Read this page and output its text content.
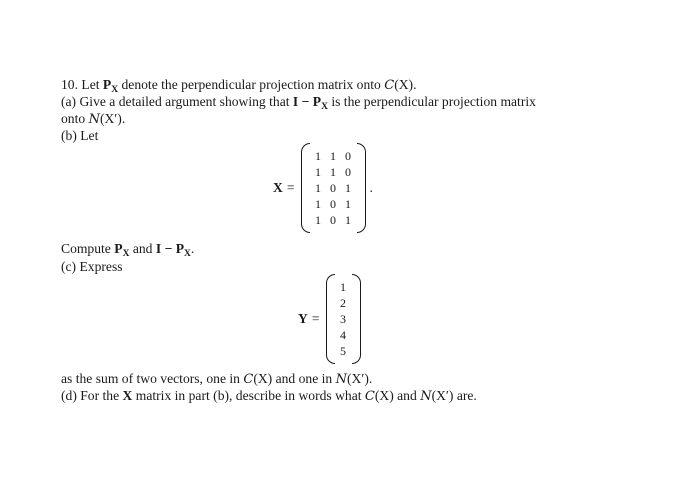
10. Let $P_X$ denote the perpendicular projection matrix onto C(X).
(a) Give a detailed argument showing that $I - P_X$ is the perpendicular projection matrix
onto N(X′).
(b) Let
X =
1 1 0
1 1 0
1 0 1
1 0 1
1 0 1
.
Compute $P_X$ and $I - P_X$.
(c) Express
Y =
1
2
3
4
5
as the sum of two vectors, one in C(X) and one in N(X′).
(d) For the X matrix in part (b), describe in words what C(X) and N(X′) are.
